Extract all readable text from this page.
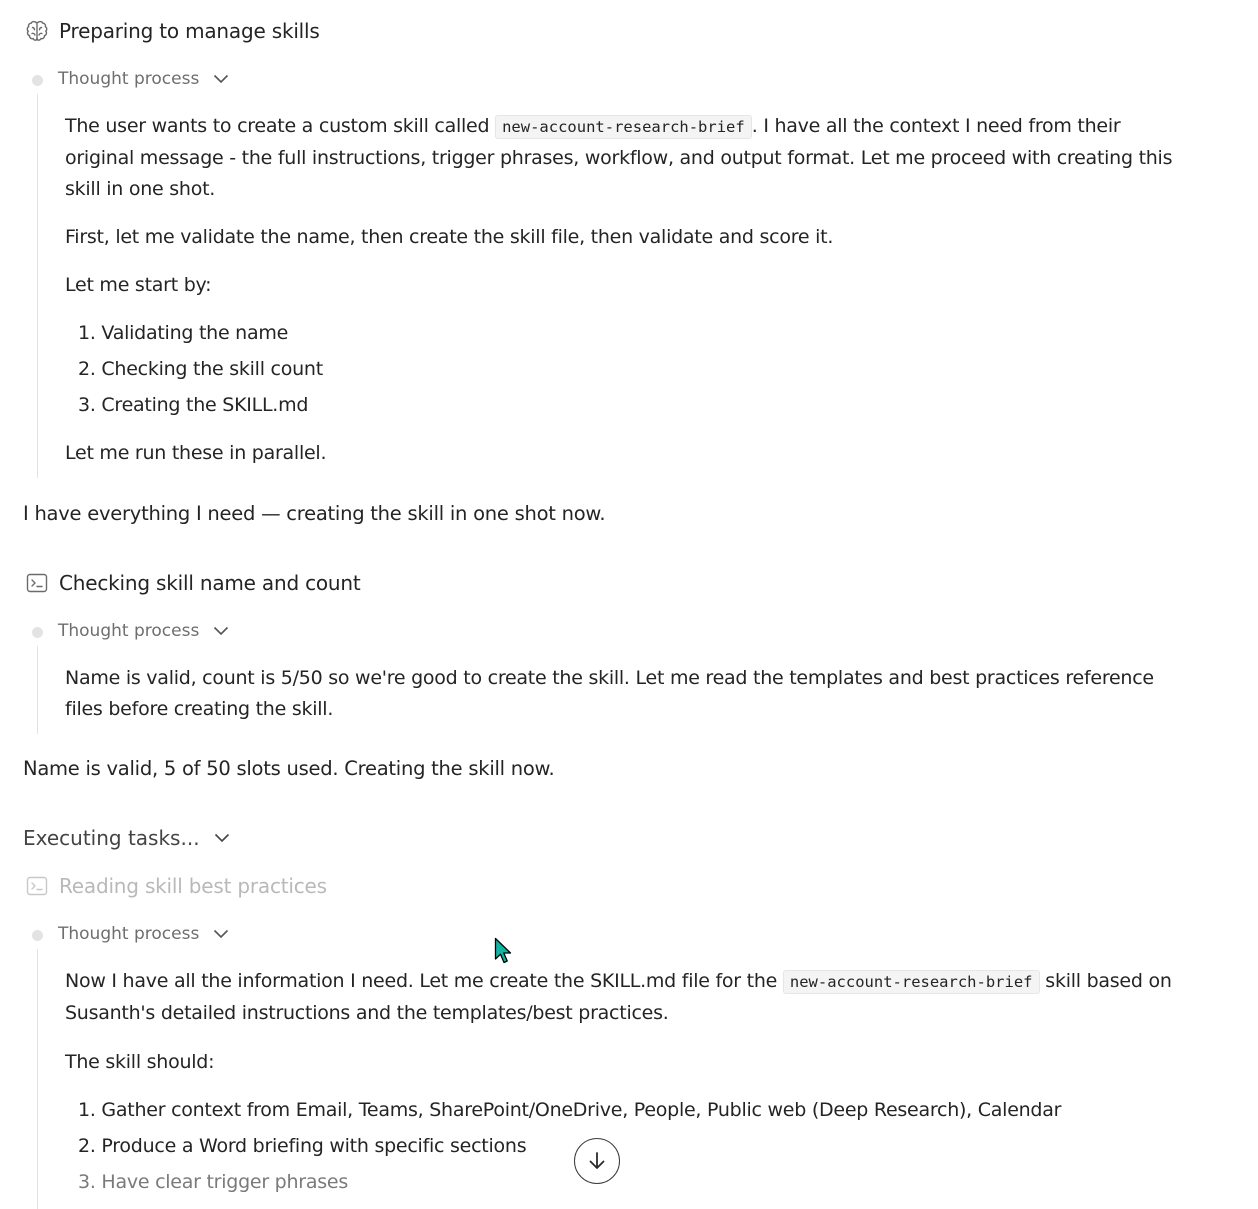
Preparing to manage skills
Thought process
The user wants to create a custom skill called new-account-research-brief . I have all the context I need from their original message - the full instructions, trigger phrases, workflow, and output format. Let me proceed with creating this skill in one shot.
First, let me validate the name, then create the skill file, then validate and score it.
Let me start by:
1. Validating the name
2. Checking the skill count
3. Creating the SKILL.md
Let me run these in parallel.
I have everything I need — creating the skill in one shot now.
Checking skill name and count
Thought process
Name is valid, count is 5/50 so we're good to create the skill. Let me read the templates and best practices reference files before creating the skill.
Name is valid, 5 of 50 slots used. Creating the skill now.
Executing tasks...
Reading skill best practices
Thought process
Now I have all the information I need. Let me create the SKILL.md file for the new-account-research-brief skill based on Susanth's detailed instructions and the templates/best practices.
The skill should:
1. Gather context from Email, Teams, SharePoint/OneDrive, People, Public web (Deep Research), Calendar
2. Produce a Word briefing with specific sections
3. Have clear trigger phrases
